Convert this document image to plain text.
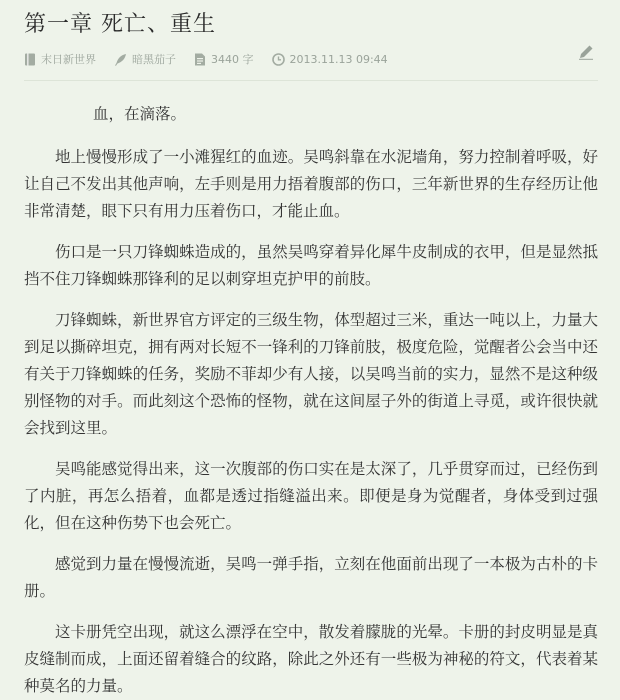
第一章 死亡、重生
末日新世界	暗黑茄子	3440 字	2013.11.13 09:44

血，在滴落。

地上慢慢形成了一小滩猩红的血迹。吴鸣斜靠在水泥墙角，努力控制着呼吸，好让自己不发出其他声响，左手则是用力捂着腹部的伤口，三年新世界的生存经历让他非常清楚，眼下只有用力压着伤口，才能止血。

伤口是一只刀锋蜘蛛造成的，虽然吴鸣穿着异化犀牛皮制成的衣甲，但是显然抵挡不住刀锋蜘蛛那锋利的足以刺穿坦克护甲的前肢。

刀锋蜘蛛，新世界官方评定的三级生物，体型超过三米，重达一吨以上，力量大到足以撕碎坦克，拥有两对长短不一锋利的刀锋前肢，极度危险，觉醒者公会当中还有关于刀锋蜘蛛的任务，奖励不菲却少有人接，以吴鸣当前的实力，显然不是这种级别怪物的对手。而此刻这个恐怖的怪物，就在这间屋子外的街道上寻觅，或许很快就会找到这里。

吴鸣能感觉得出来，这一次腹部的伤口实在是太深了，几乎贯穿而过，已经伤到了内脏，再怎么捂着，血都是透过指缝溢出来。即便是身为觉醒者，身体受到过强化，但在这种伤势下也会死亡。

感觉到力量在慢慢流逝，吴鸣一弹手指，立刻在他面前出现了一本极为古朴的卡册。

这卡册凭空出现，就这么漂浮在空中，散发着朦胧的光晕。卡册的封皮明显是真皮缝制而成，上面还留着缝合的纹路，除此之外还有一些极为神秘的符文，代表着某种莫名的力量。
